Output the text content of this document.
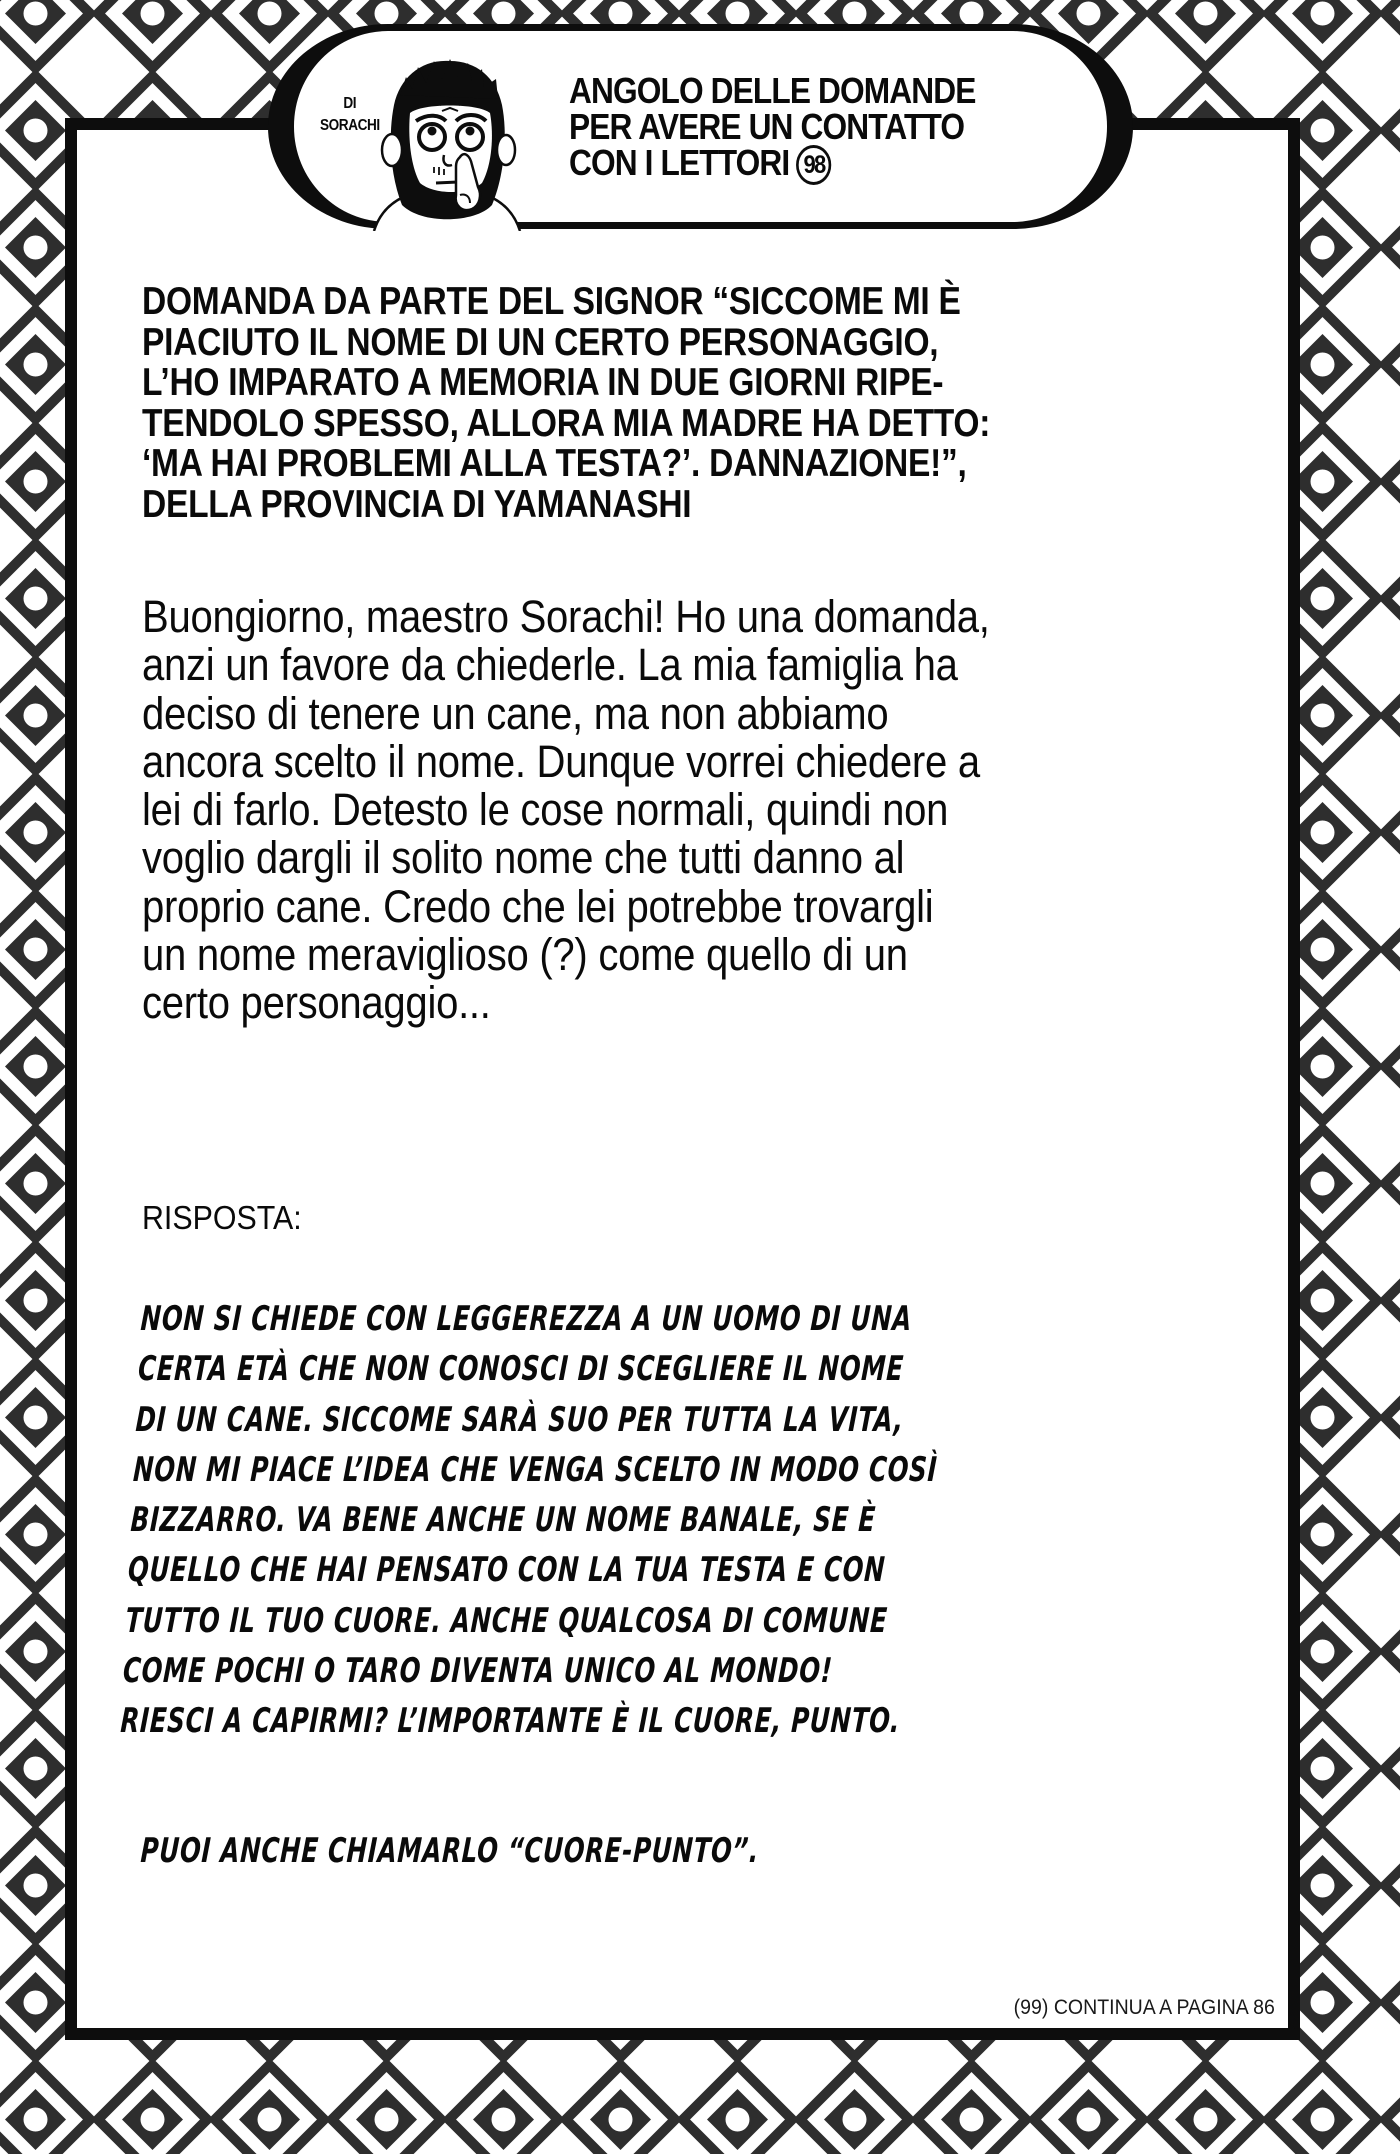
DI
SORACHI
ANGOLO DELLE DOMANDE
PER AVERE UN CONTATTO
CON I LETTORI 98
DOMANDA DA PARTE DEL SIGNOR “SICCOME MI È
PIACIUTO IL NOME DI UN CERTO PERSONAGGIO,
L’HO IMPARATO A MEMORIA IN DUE GIORNI RIPE-
TENDOLO SPESSO, ALLORA MIA MADRE HA DETTO:
‘MA HAI PROBLEMI ALLA TESTA?’. DANNAZIONE!”,
DELLA PROVINCIA DI YAMANASHI
Buongiorno, maestro Sorachi! Ho una domanda,
anzi un favore da chiederle. La mia famiglia ha
deciso di tenere un cane, ma non abbiamo
ancora scelto il nome. Dunque vorrei chiedere a
lei di farlo. Detesto le cose normali, quindi non
voglio dargli il solito nome che tutti danno al
proprio cane. Credo che lei potrebbe trovargli
un nome meraviglioso (?) come quello di un
certo personaggio...
RISPOSTA:
NON SI CHIEDE CON LEGGEREZZA A UN UOMO DI UNA
CERTA ETÀ CHE NON CONOSCI DI SCEGLIERE IL NOME
DI UN CANE. SICCOME SARÀ SUO PER TUTTA LA VITA,
NON MI PIACE L’IDEA CHE VENGA SCELTO IN MODO COSÌ
BIZZARRO. VA BENE ANCHE UN NOME BANALE, SE È
QUELLO CHE HAI PENSATO CON LA TUA TESTA E CON
TUTTO IL TUO CUORE. ANCHE QUALCOSA DI COMUNE
COME POCHI O TARO DIVENTA UNICO AL MONDO!
RIESCI A CAPIRMI? L’IMPORTANTE È IL CUORE, PUNTO.
PUOI ANCHE CHIAMARLO “CUORE-PUNTO”.
(99) CONTINUA A PAGINA 86
